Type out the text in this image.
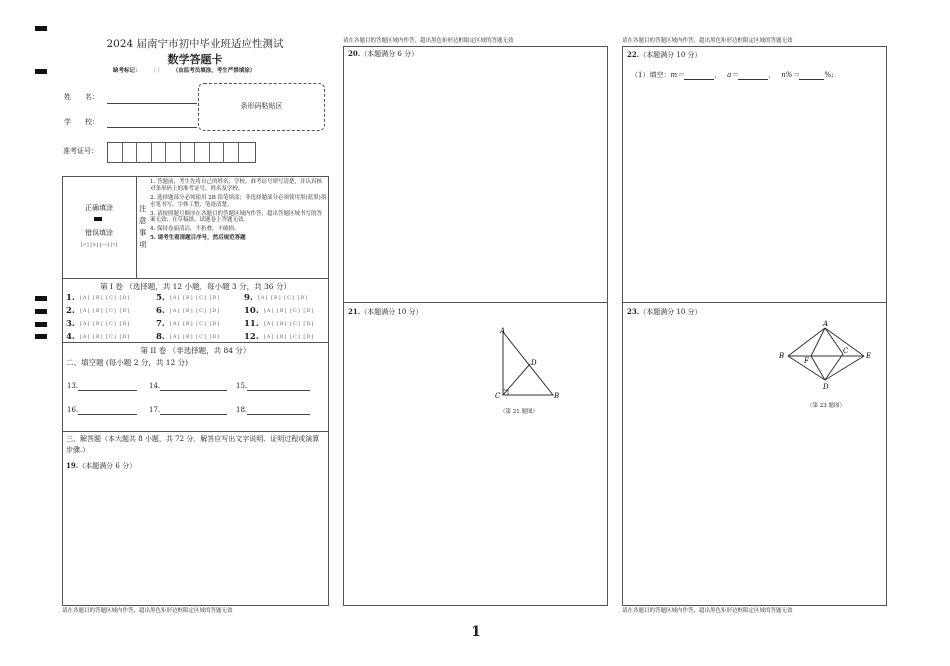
2024 届南宁市初中毕业班适应性测试
数学答题卡
缺考标记： 〔 〕 （由监考员填涂，考生严禁填涂）
姓　　名：
学　　校：
条形码粘贴区
准考证号：
正确填涂
错误填涂
[✓] [×] [—] [•]
注
意
事
项
1. 答题前，考生先将自己的姓名、学校、准考证号填写清楚，并认真核对条形码上的准考证号、姓名及学校。
2. 选择题部分必须使用 2B 铅笔填涂；非选择题部分必须使用黑(蓝黑)墨水笔书写，字体工整、笔迹清楚。
3. 请按照题号顺序在各题目的答题区域内作答，超出答题区域书写的答案无效；在草稿纸、试题卷上答题无效。
4. 保持卷面清洁，不折叠，不破损。
5. 请考生看清题目序号，然后规范答题
第 I 卷 （选择题，共 12 小题．每小题 3 分，共 36 分）
1. [A] [B] [C] [D]
2. [A] [B] [C] [D]
3. [A] [B] [C] [D]
4. [A] [B] [C] [D]
5. [A] [B] [C] [D]
6. [A] [B] [C] [D]
7. [A] [B] [C] [D]
8. [A] [B] [C] [D]
9. [A] [B] [C] [D]
10. [A] [B] [C] [D]
11. [A] [B] [C] [D]
12. [A] [B] [C] [D]
第 II 卷 （非选择题，共 84 分）
二、填空题 (每小题 2 分，共 12 分)
13.	14.	15.
16.	17.	18.
三、解答题（本大题共 8 小题，共 72 分．解答应写出文字说明、证明过程或演算步骤.）
19.（本题满分 6 分）
请在各题目的答题区域内作答，超出黑色矩形边框限定区域的答题无效
请在各题目的答题区域内作答，超出黑色矩形边框限定区域的答题无效
20.（本题满分 6 分）
21.（本题满分 10 分）
A
D
C	B
（第 21 题图）
请在各题目的答题区域内作答，超出黑色矩形边框限定区域的答题无效
22.（本题满分 10 分）
（1）填空： m＝	， a＝	， n%＝	%;
23.（本题满分 10 分）
A
B
F
C
E
D
（第 23 题图）
请在各题目的答题区域内作答，超出黑色矩形边框限定区域的答题无效
1
